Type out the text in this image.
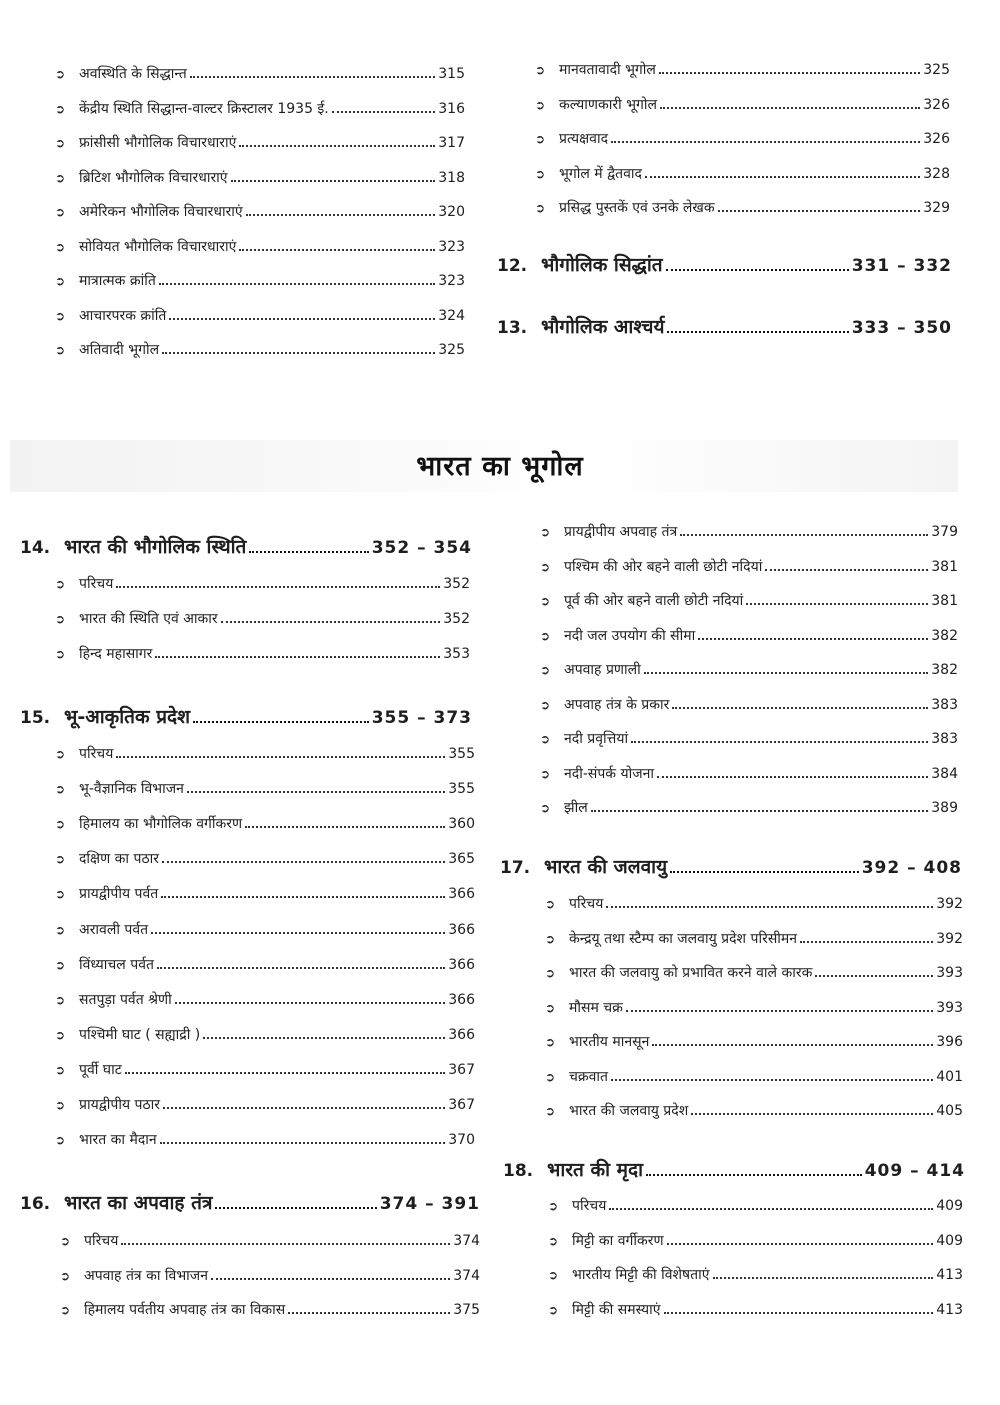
भारत का भूगोल
➲ अवस्थिति के सिद्धान्त	315
➲ केंद्रीय स्थिति सिद्धान्त-वाल्टर क्रिस्टालर 1935 ई.	316
➲ फ्रांसीसी भौगोलिक विचारधाराएं	317
➲ ब्रिटिश भौगोलिक विचारधाराएं	318
➲ अमेरिकन भौगोलिक विचारधाराएं	320
➲ सोवियत भौगोलिक विचारधाराएं	323
➲ मात्रात्मक क्रांति	323
➲ आचारपरक क्रांति	324
➲ अतिवादी भूगोल	325
➲ मानवतावादी भूगोल	325
➲ कल्याणकारी भूगोल	326
➲ प्रत्यक्षवाद	326
➲ भूगोल में द्वैतवाद	328
➲ प्रसिद्ध पुस्तकें एवं उनके लेखक	329
12. भौगोलिक सिद्धांत	331 – 332
13. भौगोलिक आश्चर्य	333 – 350
14. भारत की भौगोलिक स्थिति	352 – 354
➲ परिचय	352
➲ भारत की स्थिति एवं आकार	352
➲ हिन्द महासागर	353
15. भू-आकृतिक प्रदेश	355 – 373
➲ परिचय	355
➲ भू-वैज्ञानिक विभाजन	355
➲ हिमालय का भौगोलिक वर्गीकरण	360
➲ दक्षिण का पठार	365
➲ प्रायद्वीपीय पर्वत	366
➲ अरावली पर्वत	366
➲ विंध्याचल पर्वत	366
➲ सतपुड़ा पर्वत श्रेणी	366
➲ पश्चिमी घाट ( सह्याद्री )	366
➲ पूर्वी घाट	367
➲ प्रायद्वीपीय पठार	367
➲ भारत का मैदान	370
16. भारत का अपवाह तंत्र	374 – 391
➲ परिचय	374
➲ अपवाह तंत्र का विभाजन	374
➲ हिमालय पर्वतीय अपवाह तंत्र का विकास	375
➲ प्रायद्वीपीय अपवाह तंत्र	379
➲ पश्चिम की ओर बहने वाली छोटी नदियां	381
➲ पूर्व की ओर बहने वाली छोटी नदियां	381
➲ नदी जल उपयोग की सीमा	382
➲ अपवाह प्रणाली	382
➲ अपवाह तंत्र के प्रकार	383
➲ नदी प्रवृत्तियां	383
➲ नदी-संपर्क योजना	384
➲ झील	389
17. भारत की जलवायु	392 – 408
➲ परिचय	392
➲ केन्द्रयू तथा स्टैम्प का जलवायु प्रदेश परिसीमन	392
➲ भारत की जलवायु को प्रभावित करने वाले कारक	393
➲ मौसम चक्र	393
➲ भारतीय मानसून	396
➲ चक्रवात	401
➲ भारत की जलवायु प्रदेश	405
18. भारत की मृदा	409 – 414
➲ परिचय	409
➲ मिट्टी का वर्गीकरण	409
➲ भारतीय मिट्टी की विशेषताएं	413
➲ मिट्टी की समस्याएं	413
